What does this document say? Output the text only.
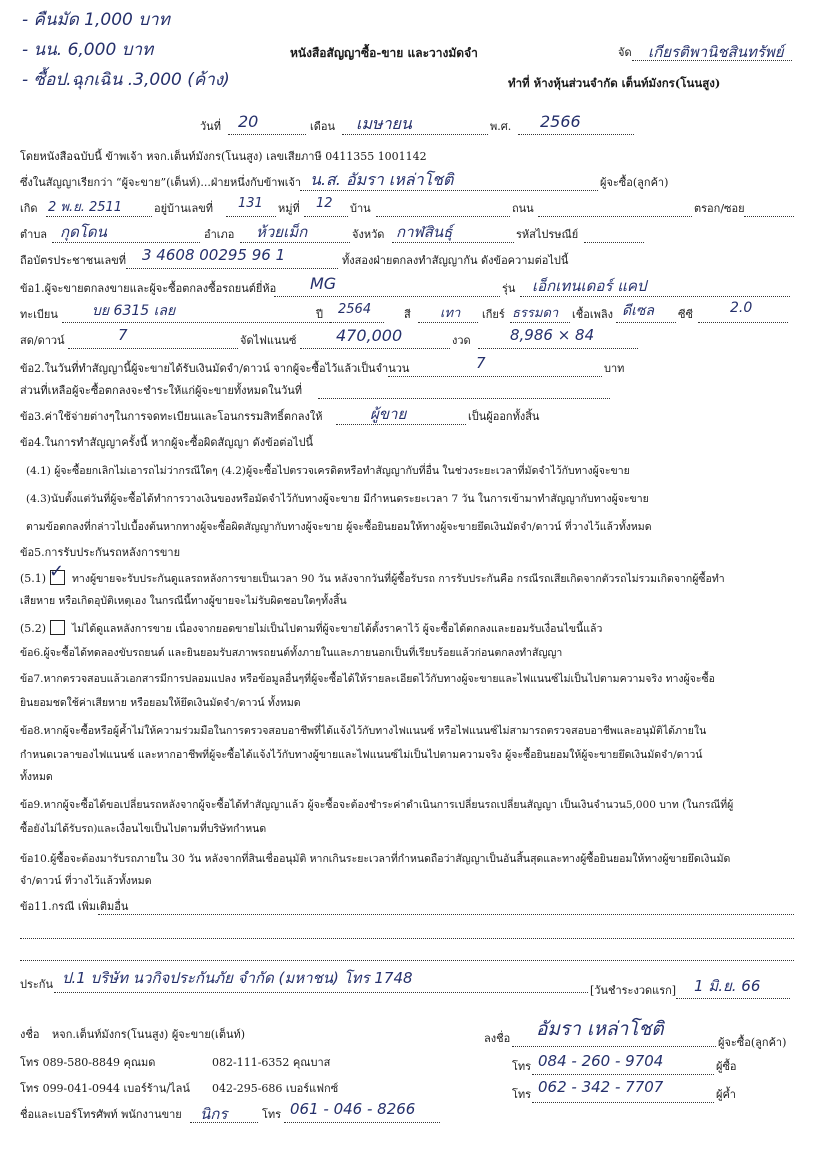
- คืนมัด 1,000 บาท
- นน. 6,000 บาท
- ซื้อป.ฉุกเฉิน .3,000 (ค้าง)
หนังสือสัญญาซื้อ-ขาย และวางมัดจำ	จัด เกียรติพานิชสินทรัพย์
ทำที่ ห้างหุ้นส่วนจำกัด เต็นท์มังกร(โนนสูง)
วันที่ 20	เดือน เมษายน	พ.ศ. 2566
โดยหนังสือฉบับนี้ ข้าพเจ้า หจก.เต็นท์มังกร(โนนสูง) เลขเสียภาษี 0411355 1001142
ซึ่งในสัญญาเรียกว่า “ผู้จะขาย”(เต็นท์)...ฝ่ายหนึ่งกับข้าพเจ้า น.ส. อัมรา เหล่าโชติ	ผู้จะซื้อ(ลูกค้า)
เกิด 2 พ.ย. 2511	อยู่บ้านเลขที่ 131 หมู่ที่ 12 บ้าน	ถนน	ตรอก/ซอย
ตำบล กุดโดน	อำเภอ ห้วยเม็ก	จังหวัด กาฬสินธุ์	รหัสไปรษณีย์
ถือบัตรประชาชนเลขที่ 3 4608 00295 96 1	ทั้งสองฝ่ายตกลงทำสัญญากัน ดังข้อความต่อไปนี้
ข้อ1.ผู้จะขายตกลงขายและผู้จะซื้อตกลงซื้อรถยนต์ยี่ห้อ MG	รุ่น เอ็กเทนเดอร์ แคป
ทะเบียน บย 6315 เลย	ปี 2564	สี เทา เกียร์ ธรรมดา เชื้อเพลิง ดีเซล ซีซี	2.0
สด/ดาวน์	7	จัดไฟแนนซ์ 470,000	งวด	8,986 × 84
ข้อ2.ในวันที่ทำสัญญานี้ผู้จะขายได้รับเงินมัดจำ/ดาวน์ จากผู้จะซื้อไว้แล้วเป็นจำนวน	7	บาท
ส่วนที่เหลือผู้จะซื้อตกลงจะชำระให้แก่ผู้จะขายทั้งหมดในวันที่
ข้อ3.ค่าใช้จ่ายต่างๆในการจดทะเบียนและโอนกรรมสิทธิ์ตกลงให้	ผู้ขาย	เป็นผู้ออกทั้งสิ้น
ข้อ4.ในการทำสัญญาครั้งนี้ หากผู้จะซื้อผิดสัญญา ดังข้อต่อไปนี้
(4.1) ผู้จะซื้อยกเลิกไม่เอารถไม่ว่ากรณีใดๆ (4.2)ผู้จะซื้อไปตรวจเครดิตหรือทำสัญญากับที่อื่น ในช่วงระยะเวลาที่มัดจำไว้กับทางผู้จะขาย
(4.3)นับตั้งแต่วันที่ผู้จะซื้อได้ทำการวางเงินของหรือมัดจำไว้กับทางผู้จะขาย มีกำหนดระยะเวลา 7 วัน ในการเข้ามาทำสัญญากับทางผู้จะขาย
ตามข้อตกลงที่กล่าวไปเบื้องต้นหากทางผู้จะซื้อผิดสัญญากับทางผู้จะขาย ผู้จะซื้อยินยอมให้ทางผู้จะขายยึดเงินมัดจำ/ดาวน์ ที่วางไว้แล้วทั้งหมด
ข้อ5.การรับประกันรถหลังการขาย
(5.1) ✓ ทางผู้ขายจะรับประกันดูแลรถหลังการขายเป็นเวลา 90 วัน หลังจากวันที่ผู้ซื้อรับรถ การรับประกันคือ กรณีรถเสียเกิดจากตัวรถไม่รวมเกิดจากผู้ซื้อทำ
เสียหาย หรือเกิดอุบัติเหตุเอง ในกรณีนี้ทางผู้ขายจะไม่รับผิดชอบใดๆทั้งสิ้น
(5.2) ไม่ได้ดูแลหลังการขาย เนื่องจากยอดขายไม่เป็นไปตามที่ผู้จะขายได้ตั้งราคาไว้ ผู้จะซื้อได้ตกลงและยอมรับเงื่อนไขนี้แล้ว
ข้อ6.ผู้จะซื้อได้ทดลองขับรถยนต์ และยินยอมรับสภาพรถยนต์ทั้งภายในและภายนอกเป็นที่เรียบร้อยแล้วก่อนตกลงทำสัญญา
ข้อ7.หากตรวจสอบแล้วเอกสารมีการปลอมแปลง หรือข้อมูลอื่นๆที่ผู้จะซื้อได้ให้รายละเอียดไว้กับทางผู้จะขายและไฟแนนซ์ไม่เป็นไปตามความจริง ทางผู้จะซื้อ
ยินยอมชดใช้ค่าเสียหาย หรือยอมให้ยึดเงินมัดจำ/ดาวน์ ทั้งหมด
ข้อ8.หากผู้จะซื้อหรือผู้ค้ำไม่ให้ความร่วมมือในการตรวจสอบอาชีพที่ได้แจ้งไว้กับทางไฟแนนซ์ หรือไฟแนนซ์ไม่สามารถตรวจสอบอาชีพและอนุมัติได้ภายใน
กำหนดเวลาของไฟแนนซ์ และหากอาชีพที่ผู้จะซื้อได้แจ้งไว้กับทางผู้ขายและไฟแนนซ์ไม่เป็นไปตามความจริง ผู้จะซื้อยินยอมให้ผู้จะขายยึดเงินมัดจำ/ดาวน์
ทั้งหมด
ข้อ9.หากผู้จะซื้อได้ขอเปลี่ยนรถหลังจากผู้จะซื้อได้ทำสัญญาแล้ว ผู้จะซื้อจะต้องชำระค่าดำเนินการเปลี่ยนรถเปลี่ยนสัญญา เป็นเงินจำนวน5,000 บาท (ในกรณีที่ผู้
ซื้อยังไม่ได้รับรถ)และเงื่อนไขเป็นไปตามที่บริษัทกำหนด
ข้อ10.ผู้ซื้อจะต้องมารับรถภายใน 30 วัน หลังจากที่สินเชื่ออนุมัติ หากเกินระยะเวลาที่กำหนดถือว่าสัญญาเป็นอันสิ้นสุดและทางผู้ซื้อยินยอมให้ทางผู้ขายยึดเงินมัด
จำ/ดาวน์ ที่วางไว้แล้วทั้งหมด
ข้อ11.กรณี เพิ่มเติมอื่น
ประกัน ป.1 บริษัท นวกิจประกันภัย จำกัด (มหาชน) โทร 1748
[วันชำระงวดแรก] 1 มิ.ย. 66
งชื่อ หจก.เต็นท์มังกร(โนนสูง) ผู้จะขาย(เต็นท์)	ลงชื่อ อัมรา เหล่าโชติ
ผู้จะซื้อ(ลูกค้า)
โทร 089-580-8849 คุณมด	082-111-6352 คุณบาส
โทร 099-041-0944 เบอร์ร้าน/ไลน์ 042-295-686 เบอร์แฟกซ์
โทร 084 - 260 - 9704	ผู้ซื้อ
โทร 062 - 342 - 7707	ผู้ค้ำ
ชื่อและเบอร์โทรศัพท์ พนักงานขาย นิกร	โทร 061 - 046 - 8266
